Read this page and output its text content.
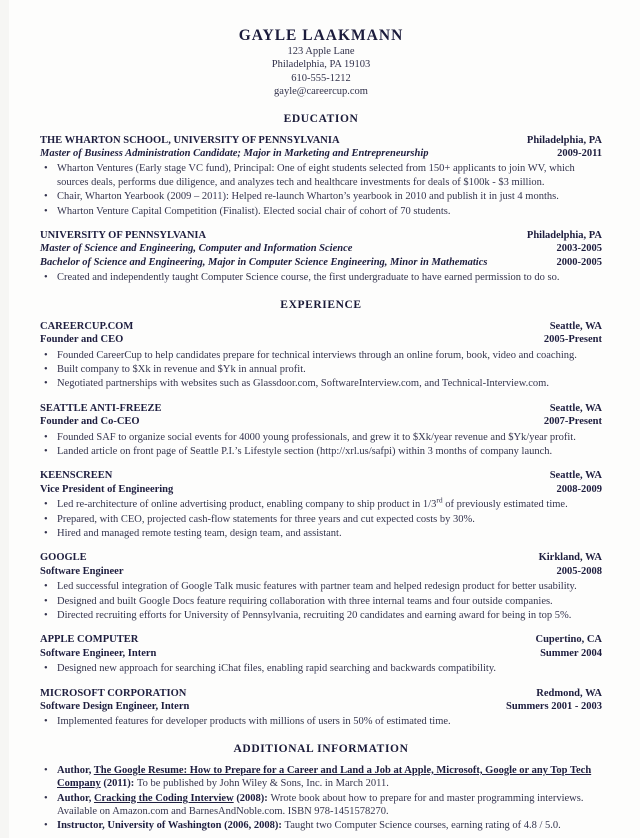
GAYLE LAAKMANN
123 Apple Lane
Philadelphia, PA 19103
610-555-1212
gayle@careercup.com
EDUCATION
THE WHARTON SCHOOL, UNIVERSITY OF PENNSYLVANIA	Philadelphia, PA
Master of Business Administration Candidate; Major in Marketing and Entrepreneurship	2009-2011
• Wharton Ventures (Early stage VC fund), Principal: One of eight students selected from 150+ applicants to join WV, which sources deals, performs due diligence, and analyzes tech and healthcare investments for deals of $100k - $3 million.
• Chair, Wharton Yearbook (2009 – 2011): Helped re-launch Wharton’s yearbook in 2010 and publish it in just 4 months.
• Wharton Venture Capital Competition (Finalist). Elected social chair of cohort of 70 students.
UNIVERSITY OF PENNSYLVANIA	Philadelphia, PA
Master of Science and Engineering, Computer and Information Science	2003-2005
Bachelor of Science and Engineering, Major in Computer Science Engineering, Minor in Mathematics	2000-2005
• Created and independently taught Computer Science course, the first undergraduate to have earned permission to do so.
EXPERIENCE
CAREERCUP.COM	Seattle, WA
Founder and CEO	2005-Present
• Founded CareerCup to help candidates prepare for technical interviews through an online forum, book, video and coaching.
• Built company to $Xk in revenue and $Yk in annual profit.
• Negotiated partnerships with websites such as Glassdoor.com, SoftwareInterview.com, and Technical-Interview.com.
SEATTLE ANTI-FREEZE	Seattle, WA
Founder and Co-CEO	2007-Present
• Founded SAF to organize social events for 4000 young professionals, and grew it to $Xk/year revenue and $Yk/year profit.
• Landed article on front page of Seattle P.I.’s Lifestyle section (http://xrl.us/safpi) within 3 months of company launch.
KEENSCREEN	Seattle, WA
Vice President of Engineering	2008-2009
• Led re-architecture of online advertising product, enabling company to ship product in 1/3rd of previously estimated time.
• Prepared, with CEO, projected cash-flow statements for three years and cut expected costs by 30%.
• Hired and managed remote testing team, design team, and assistant.
GOOGLE	Kirkland, WA
Software Engineer	2005-2008
• Led successful integration of Google Talk music features with partner team and helped redesign product for better usability.
• Designed and built Google Docs feature requiring collaboration with three internal teams and four outside companies.
• Directed recruiting efforts for University of Pennsylvania, recruiting 20 candidates and earning award for being in top 5%.
APPLE COMPUTER	Cupertino, CA
Software Engineer, Intern	Summer 2004
• Designed new approach for searching iChat files, enabling rapid searching and backwards compatibility.
MICROSOFT CORPORATION	Redmond, WA
Software Design Engineer, Intern	Summers 2001 - 2003
• Implemented features for developer products with millions of users in 50% of estimated time.
ADDITIONAL INFORMATION
• Author, The Google Resume: How to Prepare for a Career and Land a Job at Apple, Microsoft, Google or any Top Tech Company (2011): To be published by John Wiley & Sons, Inc. in March 2011.
• Author, Cracking the Coding Interview (2008): Wrote book about how to prepare for and master programming interviews. Available on Amazon.com and BarnesAndNoble.com. ISBN 978-1451578270.
• Instructor, University of Washington (2006, 2008): Taught two Computer Science courses, earning rating of 4.8 / 5.0.
